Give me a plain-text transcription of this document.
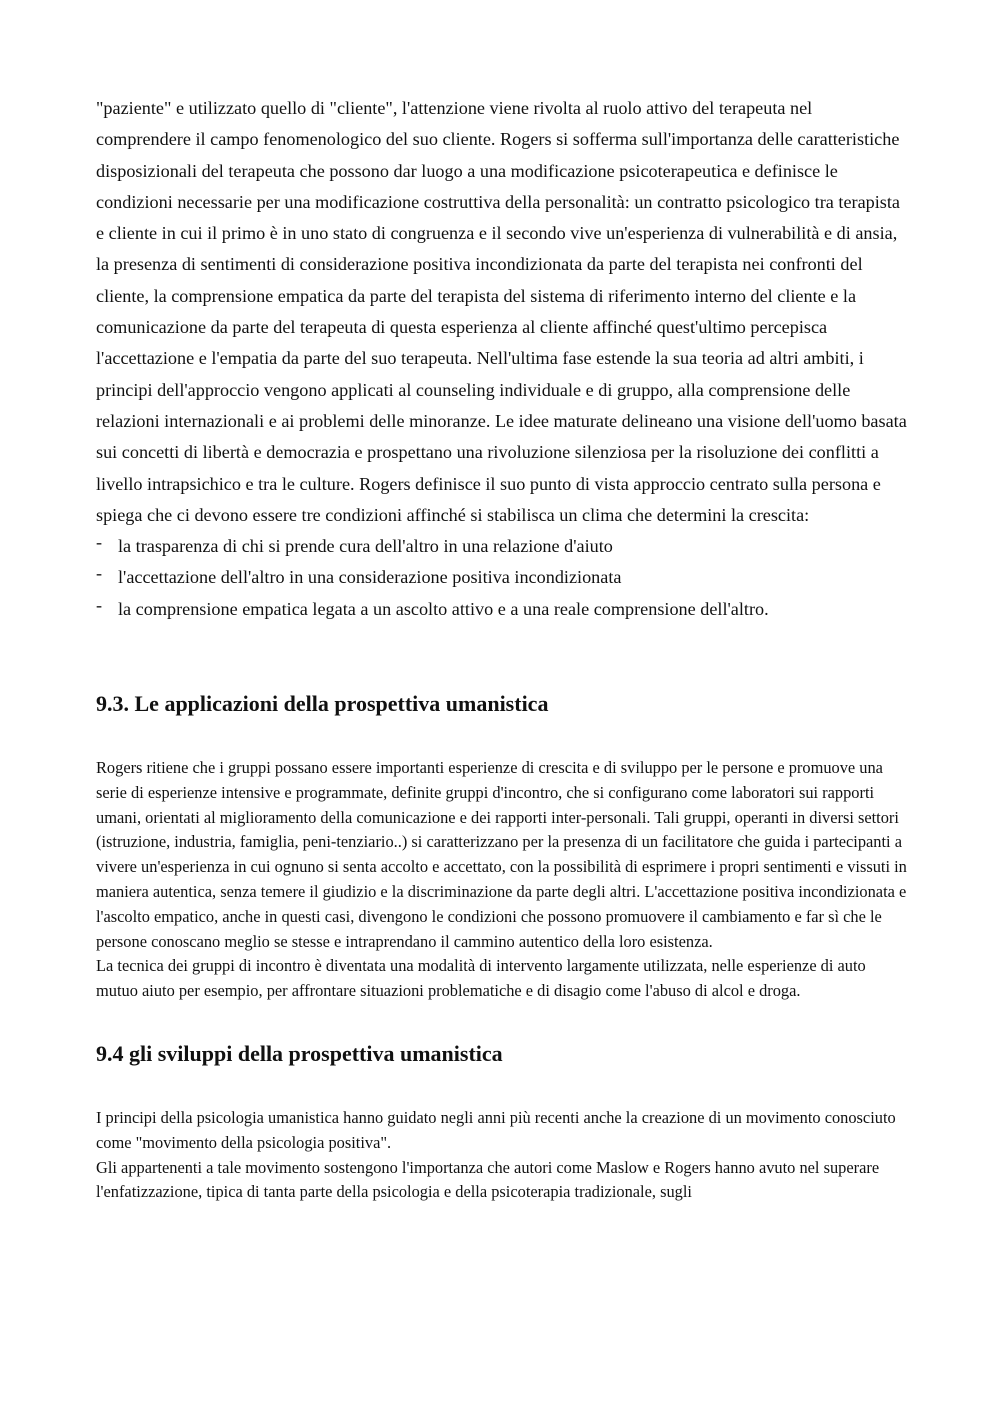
"paziente" e utilizzato quello di "cliente", l'attenzione viene rivolta al ruolo attivo del terapeuta nel comprendere il campo fenomenologico del suo cliente. Rogers si sofferma sull'importanza delle caratteristiche disposizionali del terapeuta che possono dar luogo a una modificazione psicoterapeutica e definisce le condizioni necessarie per una modificazione costruttiva della personalità: un contratto psicologico tra terapista e cliente in cui il primo è in uno stato di congruenza e il secondo vive un'esperienza di vulnerabilità e di ansia, la presenza di sentimenti di considerazione positiva incondizionata da parte del terapista nei confronti del cliente, la comprensione empatica da parte del terapista del sistema di riferimento interno del cliente e la comunicazione da parte del terapeuta di questa esperienza al cliente affinché quest'ultimo percepisca l'accettazione e l'empatia da parte del suo terapeuta. Nell'ultima fase estende la sua teoria ad altri ambiti, i principi dell'approccio vengono applicati al counseling individuale e di gruppo, alla comprensione delle relazioni internazionali e ai problemi delle minoranze. Le idee maturate delineano una visione dell'uomo basata sui concetti di libertà e democrazia e prospettano una rivoluzione silenziosa per la risoluzione dei conflitti a livello intrapsichico e tra le culture. Rogers definisce il suo punto di vista approccio centrato sulla persona e spiega che ci devono essere tre condizioni affinché si stabilisca un clima che determini la crescita:

- la trasparenza di chi si prende cura dell'altro in una relazione d'aiuto
- l'accettazione dell'altro in una considerazione positiva incondizionata
- la comprensione empatica legata a un ascolto attivo e a una reale comprensione dell'altro.
9.3. Le applicazioni della prospettiva umanistica

Rogers ritiene che i gruppi possano essere importanti esperienze di crescita e di sviluppo per le persone e promuove una serie di esperienze intensive e programmate, definite gruppi d'incontro, che si configurano come laboratori sui rapporti umani, orientati al miglioramento della comunicazione e dei rapporti inter-personali. Tali gruppi, operanti in diversi settori (istruzione, industria, famiglia, peni-tenziario..) si caratterizzano per la presenza di un facilitatore che guida i partecipanti a vivere un'esperienza in cui ognuno si senta accolto e accettato, con la possibilità di esprimere i propri sentimenti e vissuti in maniera autentica, senza temere il giudizio e la discriminazione da parte degli altri. L'accettazione positiva incondizionata e l'ascolto empatico, anche in questi casi, divengono le condizioni che possono promuovere il cambiamento e far sì che le persone conoscano meglio se stesse e intraprendano il cammino autentico della loro esistenza.

La tecnica dei gruppi di incontro è diventata una modalità di intervento largamente utilizzata, nelle esperienze di auto mutuo aiuto per esempio, per affrontare situazioni problematiche e di disagio come l'abuso di alcol e droga.

9.4 gli sviluppi della prospettiva umanistica

I principi della psicologia umanistica hanno guidato negli anni più recenti anche la creazione di un movimento conosciuto come "movimento della psicologia positiva".

Gli appartenenti a tale movimento sostengono l'importanza che autori come Maslow e Rogers hanno avuto nel superare l'enfatizzazione, tipica di tanta parte della psicologia e della psicoterapia tradizionale, sugli
